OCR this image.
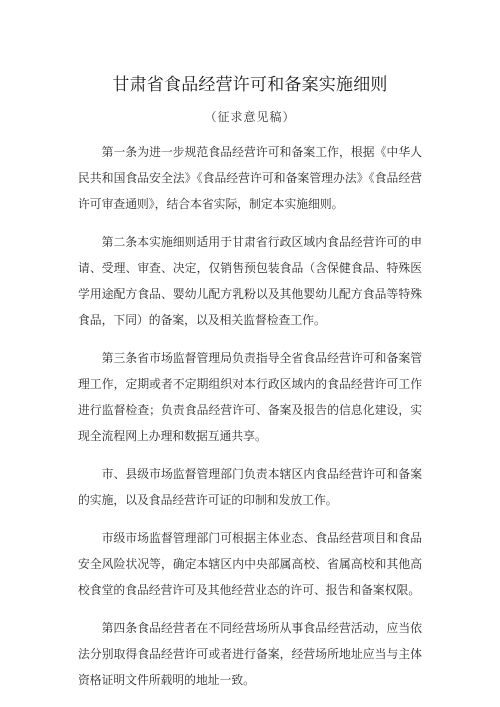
甘肃省食品经营许可和备案实施细则
（征求意见稿）

第一条为进一步规范食品经营许可和备案工作，根据《中华人民共和国食品安全法》《食品经营许可和备案管理办法》《食品经营许可审查通则》，结合本省实际，制定本实施细则。

第二条本实施细则适用于甘肃省行政区域内食品经营许可的申请、受理、审查、决定，仅销售预包装食品（含保健食品、特殊医学用途配方食品、婴幼儿配方乳粉以及其他婴幼儿配方食品等特殊食品，下同）的备案，以及相关监督检查工作。

第三条省市场监督管理局负责指导全省食品经营许可和备案管理工作，定期或者不定期组织对本行政区域内的食品经营许可工作进行监督检查；负责食品经营许可、备案及报告的信息化建设，实现全流程网上办理和数据互通共享。

市、县级市场监督管理部门负责本辖区内食品经营许可和备案的实施，以及食品经营许可证的印制和发放工作。

市级市场监督管理部门可根据主体业态、食品经营项目和食品安全风险状况等，确定本辖区内中央部属高校、省属高校和其他高校食堂的食品经营许可及其他经营业态的许可、报告和备案权限。

第四条食品经营者在不同经营场所从事食品经营活动，应当依法分别取得食品经营许可或者进行备案，经营场所地址应当与主体资格证明文件所载明的地址一致。
